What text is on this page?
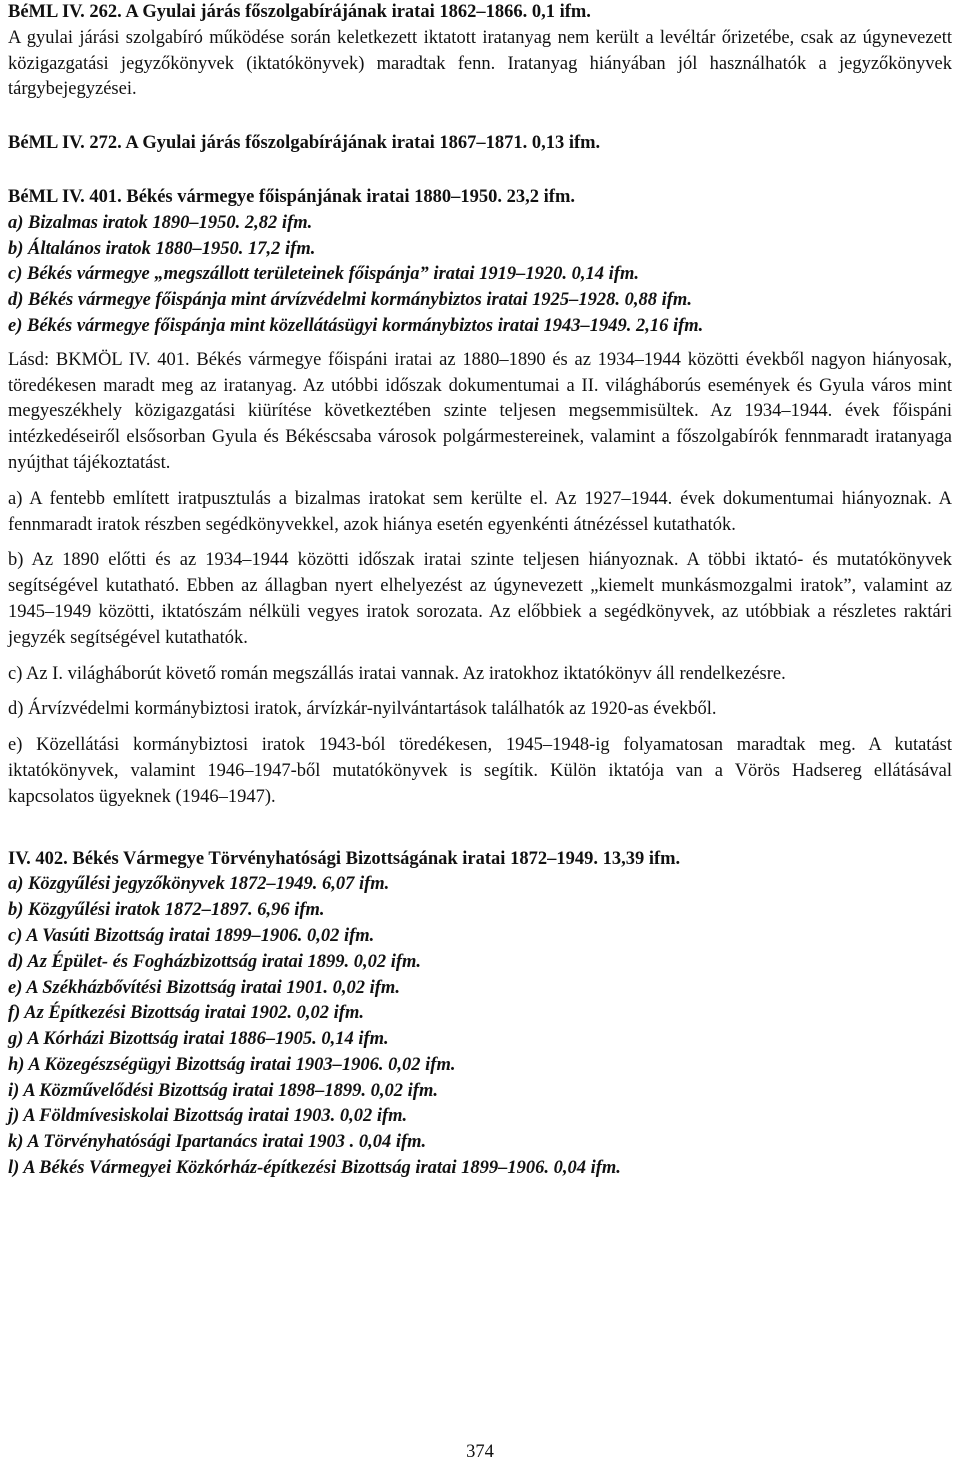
BéML IV. 262. A Gyulai járás főszolgabírájának iratai 1862–1866. 0,1 ifm.

A gyulai járási szolgabíró működése során keletkezett iktatott iratanyag nem került a levéltár őrizetébe, csak az úgynevezett közigazgatási jegyzőkönyvek (iktatókönyvek) maradtak fenn. Iratanyag hiányában jól használhatók a jegyzőkönyvek tárgybejegyzései.

BéML IV. 272. A Gyulai járás főszolgabírájának iratai 1867–1871. 0,13 ifm.

BéML IV. 401. Békés vármegye főispánjának iratai 1880–1950. 23,2 ifm.

a) Bizalmas iratok 1890–1950. 2,82 ifm.

b) Általános iratok 1880–1950. 17,2 ifm.

c) Békés vármegye „megszállott területeinek főispánja” iratai 1919–1920. 0,14 ifm.

d) Békés vármegye főispánja mint árvízvédelmi kormánybiztos iratai 1925–1928. 0,88 ifm.

e) Békés vármegye főispánja mint közellátásügyi kormánybiztos iratai 1943–1949. 2,16 ifm.

Lásd: BKMÖL IV. 401. Békés vármegye főispáni iratai az 1880–1890 és az 1934–1944 közötti évekből nagyon hiányosak, töredékesen maradt meg az iratanyag. Az utóbbi időszak dokumentumai a II. világháborús események és Gyula város mint megyeszékhely közigazgatási kiürítése következtében szinte teljesen megsemmisültek. Az 1934–1944. évek főispáni intézkedéseiről elsősorban Gyula és Békéscsaba városok polgármestereinek, valamint a főszolgabírók fennmaradt iratanyaga nyújthat tájékoztatást.

a) A fentebb említett iratpusztulás a bizalmas iratokat sem kerülte el. Az 1927–1944. évek dokumentumai hiányoznak. A fennmaradt iratok részben segédkönyvekkel, azok hiánya esetén egyenkénti átnézéssel kutathatók.

b) Az 1890 előtti és az 1934–1944 közötti időszak iratai szinte teljesen hiányoznak. A többi iktató- és mutatókönyvek segítségével kutatható. Ebben az állagban nyert elhelyezést az úgynevezett „kiemelt munkásmozgalmi iratok”, valamint az 1945–1949 közötti, iktatószám nélküli vegyes iratok sorozata. Az előbbiek a segédkönyvek, az utóbbiak a részletes raktári jegyzék segítségével kutathatók.

c) Az I. világháborút követő román megszállás iratai vannak. Az iratokhoz iktatókönyv áll rendelkezésre.

d) Árvízvédelmi kormánybiztosi iratok, árvízkár-nyilvántartások találhatók az 1920-as évekből.

e) Közellátási kormánybiztosi iratok 1943-ból töredékesen, 1945–1948-ig folyamatosan maradtak meg. A kutatást iktatókönyvek, valamint 1946–1947-ből mutatókönyvek is segítik. Külön iktatója van a Vörös Hadsereg ellátásával kapcsolatos ügyeknek (1946–1947).

IV. 402. Békés Vármegye Törvényhatósági Bizottságának iratai 1872–1949. 13,39 ifm.

a) Közgyűlési jegyzőkönyvek 1872–1949. 6,07 ifm.

b) Közgyűlési iratok 1872–1897. 6,96 ifm.

c) A Vasúti Bizottság iratai 1899–1906. 0,02 ifm.

d) Az Épület- és Fogházbizottság iratai 1899. 0,02 ifm.

e) A Székházbővítési Bizottság iratai 1901. 0,02 ifm.

f) Az Építkezési Bizottság iratai 1902. 0,02 ifm.

g) A Kórházi Bizottság iratai 1886–1905. 0,14 ifm.

h) A Közegészségügyi Bizottság iratai 1903–1906. 0,02 ifm.

i) A Közművelődési Bizottság iratai 1898–1899. 0,02 ifm.

j) A Földmívesiskolai Bizottság iratai 1903. 0,02 ifm.

k) A Törvényhatósági Ipartanács iratai 1903 . 0,04 ifm.

l) A Békés Vármegyei Közkórház-építkezési Bizottság iratai 1899–1906. 0,04 ifm.

374
